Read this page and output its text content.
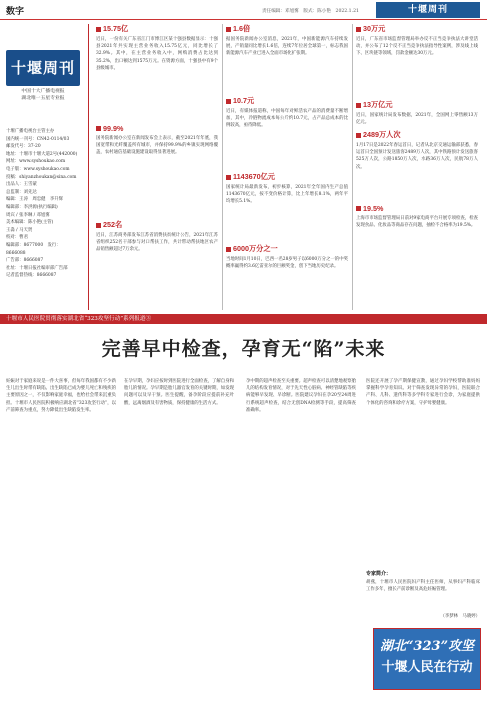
数字	责任编辑：邓旭雾　版式：陈小艳　 2022.1.21	十堰周刊
十堰周刊
中国十大广播电视报
湖北唯一五星专业报
十堰广播电视台主管主办
国内统一刊号：CN42-0114/03
邮发代号：37-20
地址：十堰市十堰大道2号(442000)
网址：www.syshoukao.com
电子版：www.syshoukao.com
投稿：shiyanzhoukan@sina.com
出品人：王雪蒙
总监制：刘先达
编辑：王涛　周忠健　李升辉
编辑部：李洪源(执行编辑)
周宾 / 张李琳 / 邓旭雾
美术编辑：陈小艳(主管)
王淼 / 马天贤
校对：曹君
编辑部：8677000　发行：8666088
广告部：8666087
社址：十堰日报社编审部广告部
记者监督热线：8666087
15.75亿
近日，一份有关广东省江门市博江区某十强县数据显示：十强县2021年共实现主营业务收入15.75亿元，同比增长了32.9%。其中，在主营业务收入中，网购消费占比达到35.2%，出口额达到1575万元。在资源方面，十强县中有9个县级城市。
99.9%
国务院新闻办公室在新闻发布会上表示，截至2021年年底，我国宽带和光纤覆盖所有城市，并保持99.9%的乡镇实现网络覆盖，农村通信基础设施建设取得显著进展。
252名
近日，江苏商务部发布江苏省消费扶贫统计公告，2021年江苏省组织252名干部参与对口帮扶工作，共计带动帮扶地区农产品销售额超过7万余元。
1.6倍
据国务院新闻办公室消息，2021年，中国新能源汽车持续发展，产销量同比增长1.6倍，连续7年位居全球第一，标志我国新能源汽车产业已进入全面市场化扩张期。
10.7元
近日，有媒体报道称，中国每年对鲜活农产品的消费量不断增加，其中，冷链物流成本每公斤约10.7元，占产品总成本的比例较高，亟待降低。
1143670亿元
国家统计局最新发布，初步核算，2021年全年国内生产总值1143670亿元，按不变价格计算，比上年增长8.1%，两年平均增长5.1%。
6000万分之一
当地时间1月10日，巴西一名28岁男子以6000万分之一的中奖概率赢得约3.6亿雷亚尔的巨额奖金，创下当地历史纪录。
30万元
近日，广东省市场监督管理局举办反不正当竞争执法大讲堂活动，并公布了12个反不正当竞争执法指导性案例，涉及线上线下、区块链等领域，罚款金额达30万元。
13万亿元
近日，国家统计局发布数据，2021年，全国网上零售额13万亿元。
2489万人次
1月17日是2022年春运首日，记者从北京交通运输部获悉，春运首日全国预计发送旅客2489万人次，其中铁路预计发送旅客525万人次，公路1850万人次，水路36万人次，民航78万人次。
19.5%
上海市市场监督管理局日前对9家电商平台开展专项检查，检查发现食品、化妆品等商品存在问题，抽检不合格率为19.5%。
十堰市人民医院贯彻落实湖北省“323攻坚行动”系列报道③
完善早中检查，孕育无“陷”未来
妊娠对于家庭来说是一件大喜事，但每年我国都有不少新生儿出生时带有缺陷。出生缺陷已成为婴儿死亡和残疾的主要原因之一，不仅影响家庭幸福，也给社会带来沉重负担。十堰市人民医院积极响应湖北省“323攻坚行动”，以产前筛查为重点，努力降低出生缺陷发生率。
在孕早期，孕妇应按时到医院进行全面检查，了解自身和胎儿的情况。孕早期是胎儿器官发育的关键时期，如发现问题可以及早干预。医生提醒，备孕阶段应提前补充叶酸，远离烟酒及有害物质，保持健康的生活方式。
孕中期的超声检查至关重要。超声检查可以清楚地观察胎儿的结构发育情况，对于先天性心脏病、神经管缺陷等疾病能够早发现、早诊断。医院建议孕妇在孕20至24周进行系统超声检查，结合无创DNA检测等手段，提高筛查准确率。
医院还开展了孕产期保健宣教，通过孕妇学校帮助准妈妈掌握科学孕育知识。对于筛查发现异常的孕妇，医院联合产科、儿科、遗传科等多学科专家进行会诊，为家庭提供个体化的咨询和诊疗方案，守护母婴健康。
专家简介：
胡燕，十堰市人民医院妇产科主任医师，从事妇产科临床工作多年，擅长产前诊断及高危妊娠管理。
（李梦林　马晓婷）
湖北“323”攻坚
十堰人民在行动
